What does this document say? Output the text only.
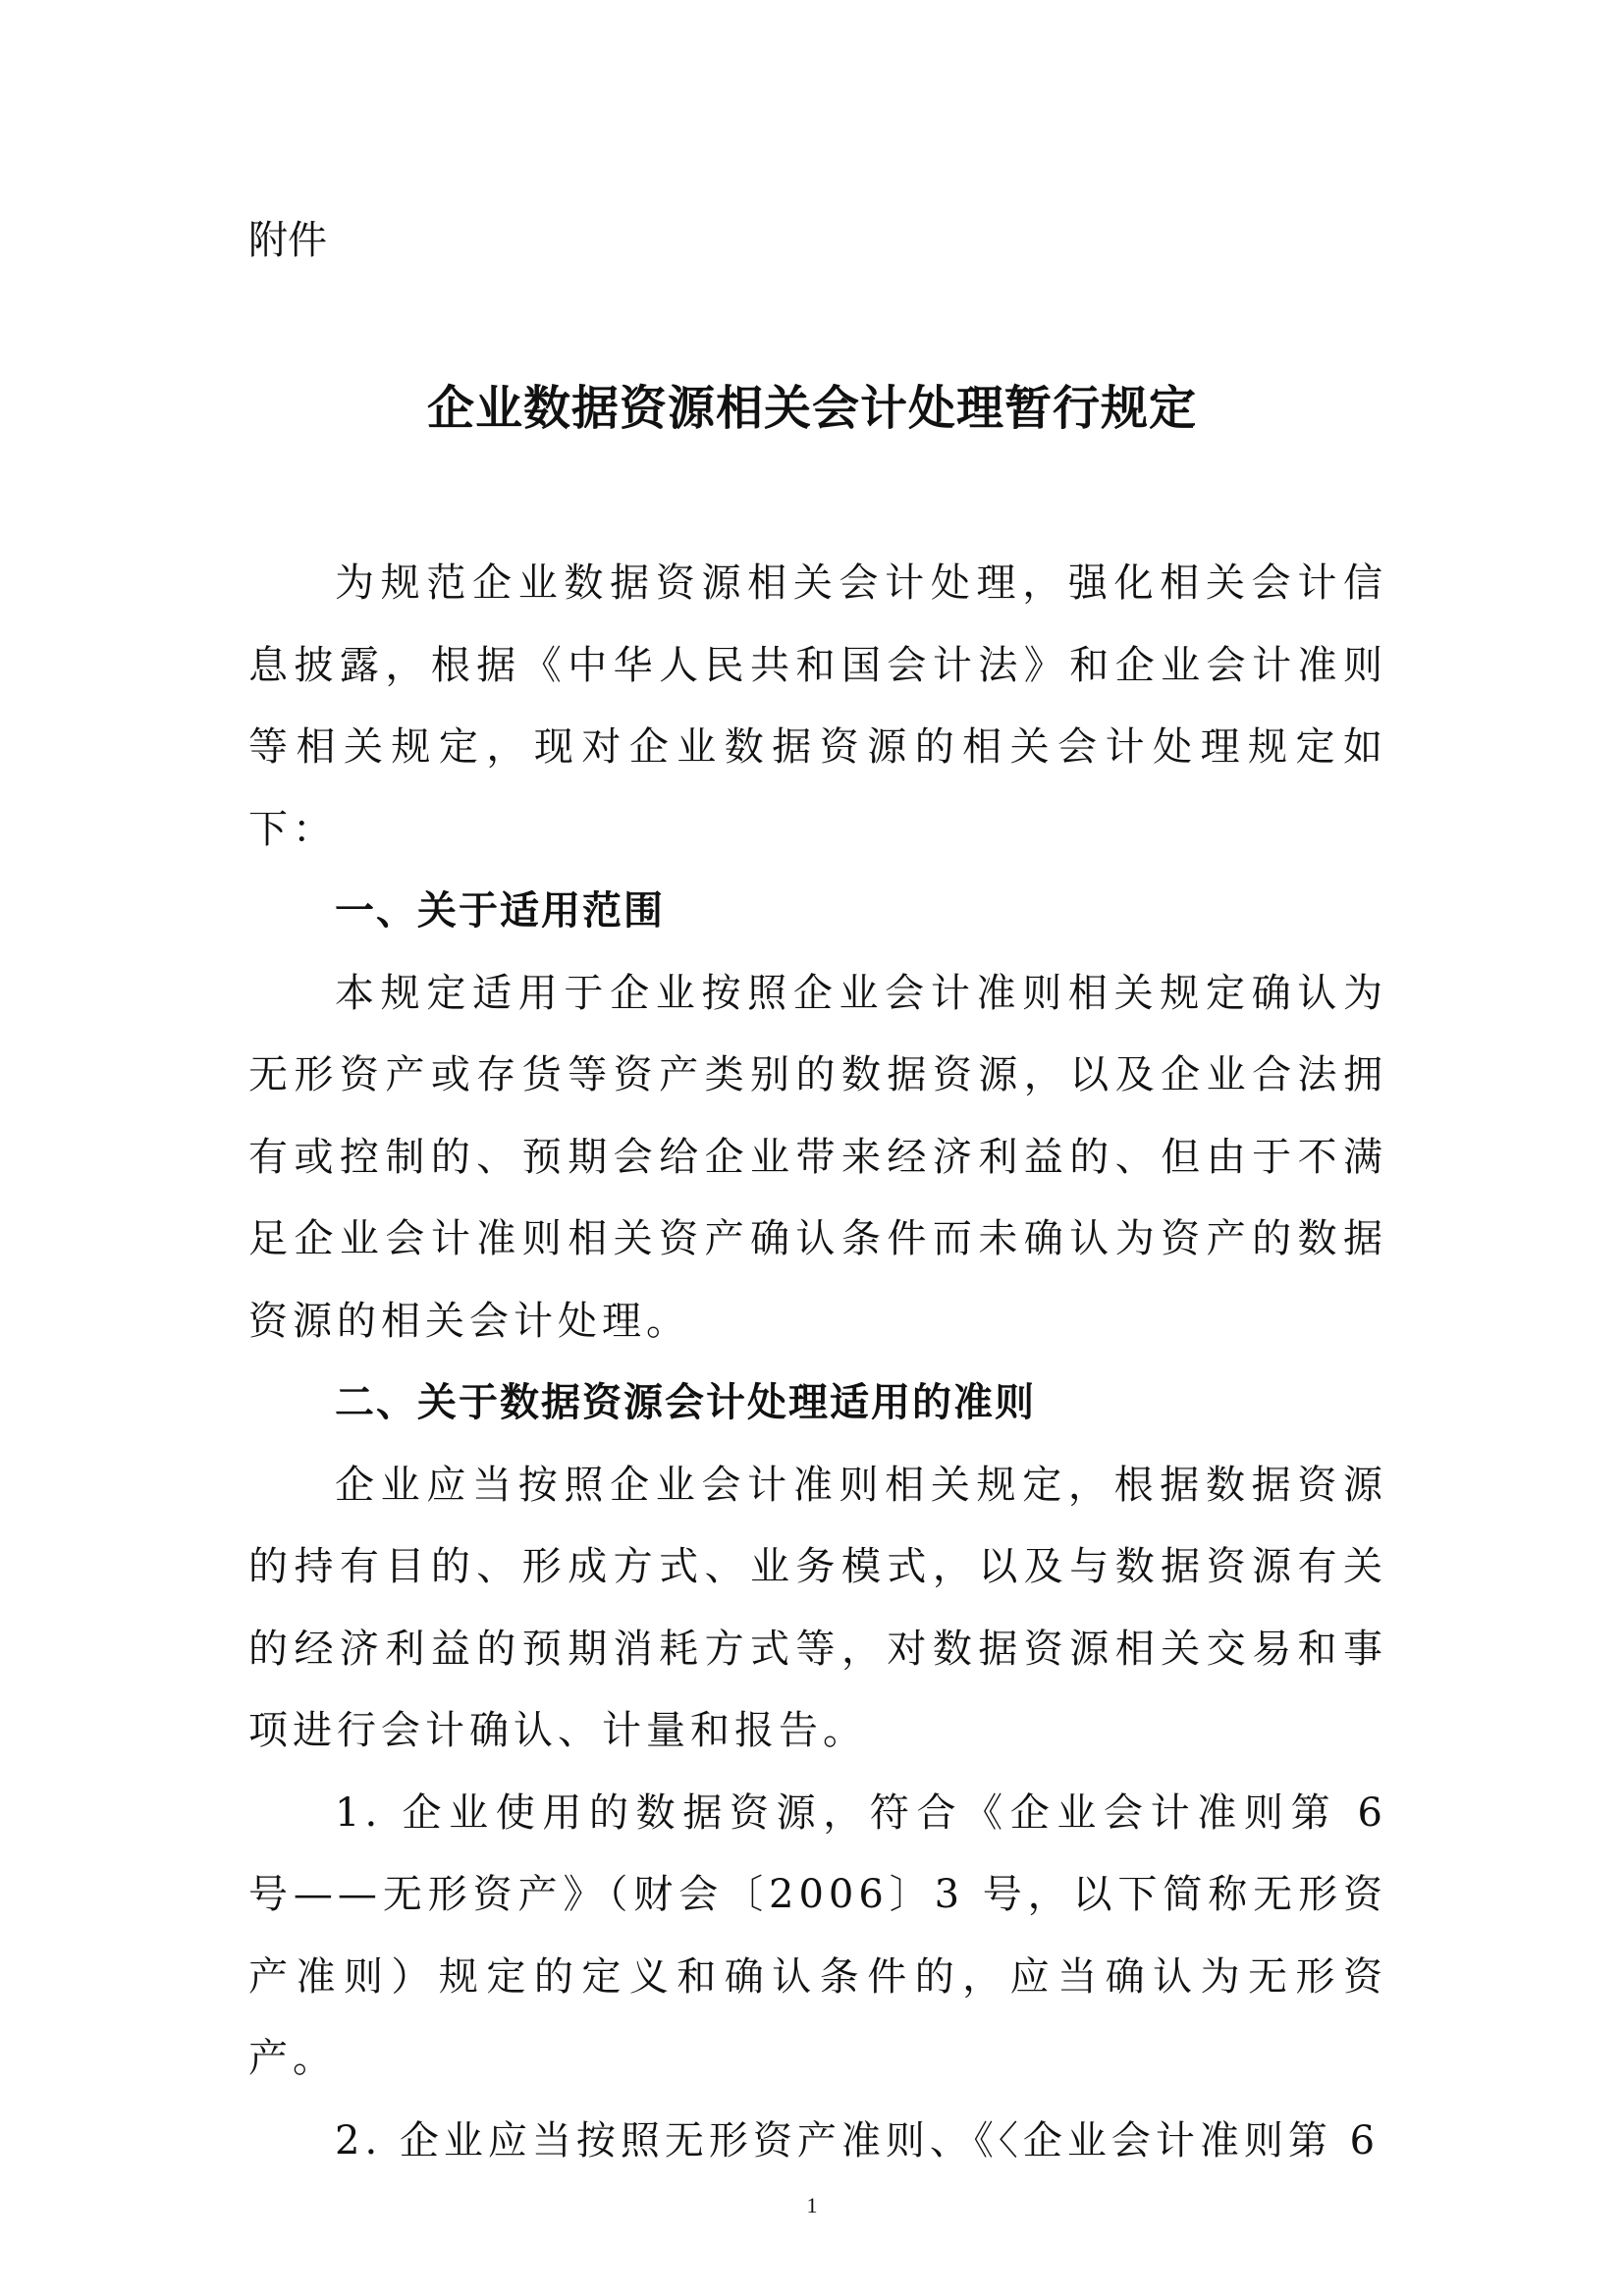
附件
企业数据资源相关会计处理暂行规定

为规范企业数据资源相关会计处理，强化相关会计信息披露，根据《中华人民共和国会计法》和企业会计准则等相关规定，现对企业数据资源的相关会计处理规定如下：

一、关于适用范围

本规定适用于企业按照企业会计准则相关规定确认为无形资产或存货等资产类别的数据资源，以及企业合法拥有或控制的、预期会给企业带来经济利益的、但由于不满足企业会计准则相关资产确认条件而未确认为资产的数据资源的相关会计处理。

二、关于数据资源会计处理适用的准则

企业应当按照企业会计准则相关规定，根据数据资源的持有目的、形成方式、业务模式，以及与数据资源有关的经济利益的预期消耗方式等，对数据资源相关交易和事项进行会计确认、计量和报告。

1. 企业使用的数据资源，符合《企业会计准则第 6 号——无形资产》（财会〔2006〕3 号，以下简称无形资产准则）规定的定义和确认条件的，应当确认为无形资产。

2. 企业应当按照无形资产准则、《〈企业会计准则第 6

1
